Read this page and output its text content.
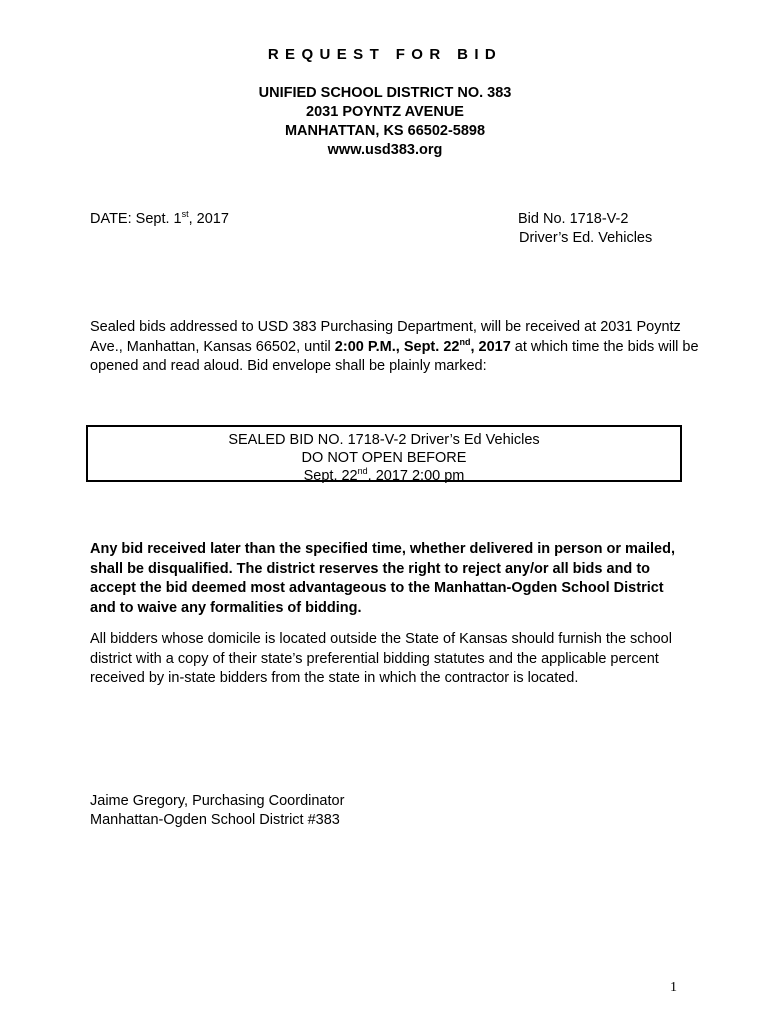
REQUEST FOR BID
UNIFIED SCHOOL DISTRICT NO. 383
2031 POYNTZ AVENUE
MANHATTAN, KS 66502-5898
www.usd383.org
DATE: Sept. 1st, 2017	Bid No. 1718-V-2
Driver’s Ed. Vehicles
Sealed bids addressed to USD 383 Purchasing Department, will be received at 2031 Poyntz Ave., Manhattan, Kansas 66502, until 2:00 P.M., Sept. 22nd, 2017 at which time the bids will be opened and read aloud. Bid envelope shall be plainly marked:
SEALED BID NO. 1718-V-2 Driver’s Ed Vehicles
DO NOT OPEN BEFORE
Sept. 22nd, 2017 2:00 pm
Any bid received later than the specified time, whether delivered in person or mailed, shall be disqualified. The district reserves the right to reject any/or all bids and to accept the bid deemed most advantageous to the Manhattan-Ogden School District and to waive any formalities of bidding.
All bidders whose domicile is located outside the State of Kansas should furnish the school district with a copy of their state’s preferential bidding statutes and the applicable percent received by in-state bidders from the state in which the contractor is located.
Jaime Gregory, Purchasing Coordinator
Manhattan-Ogden School District #383
1
